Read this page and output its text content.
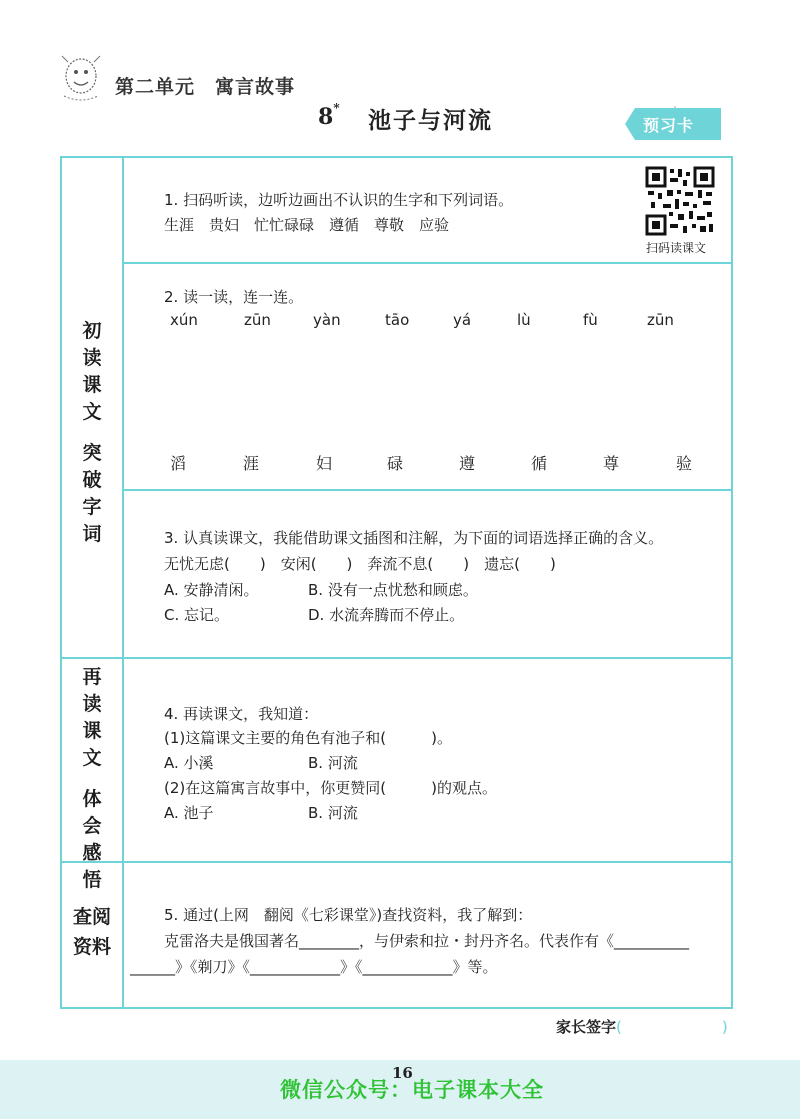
第二单元　寓言故事
8*
池子与河流	预习卡
扫码读课文
初
读
课
文
突
破
字
词
再
读
课
文
体
会
感
悟
查阅
资料
1. 扫码听读，边听边画出不认识的生字和下列词语。
生涯　贵妇　忙忙碌碌　遵循　尊敬　应验
2. 读一读，连一连。
xún	zūn	yàn	tāo	yá	lù	fù	zūn
滔	涯	妇	碌	遵	循	尊	验
3. 认真读课文，我能借助课文插图和注解，为下面的词语选择正确的含义。
无忧无虑(　　)　安闲(　　)　奔流不息(　　)　遗忘(　　)
A. 安静清闲。	B. 没有一点忧愁和顾虑。
C. 忘记。	D. 水流奔腾而不停止。
4. 再读课文，我知道：
(1)这篇课文主要的角色有池子和(　　　)。
A. 小溪	B. 河流
(2)在这篇寓言故事中，你更赞同(　　　)的观点。
A. 池子	B. 河流
5. 通过(上网　翻阅《七彩课堂》)查找资料，我了解到：
克雷洛夫是俄国著名________，与伊索和拉・封丹齐名。代表作有《__________
______》《剃刀》《____________》《____________》等。
家长签字(	)
16
微信公众号：电子课本大全
